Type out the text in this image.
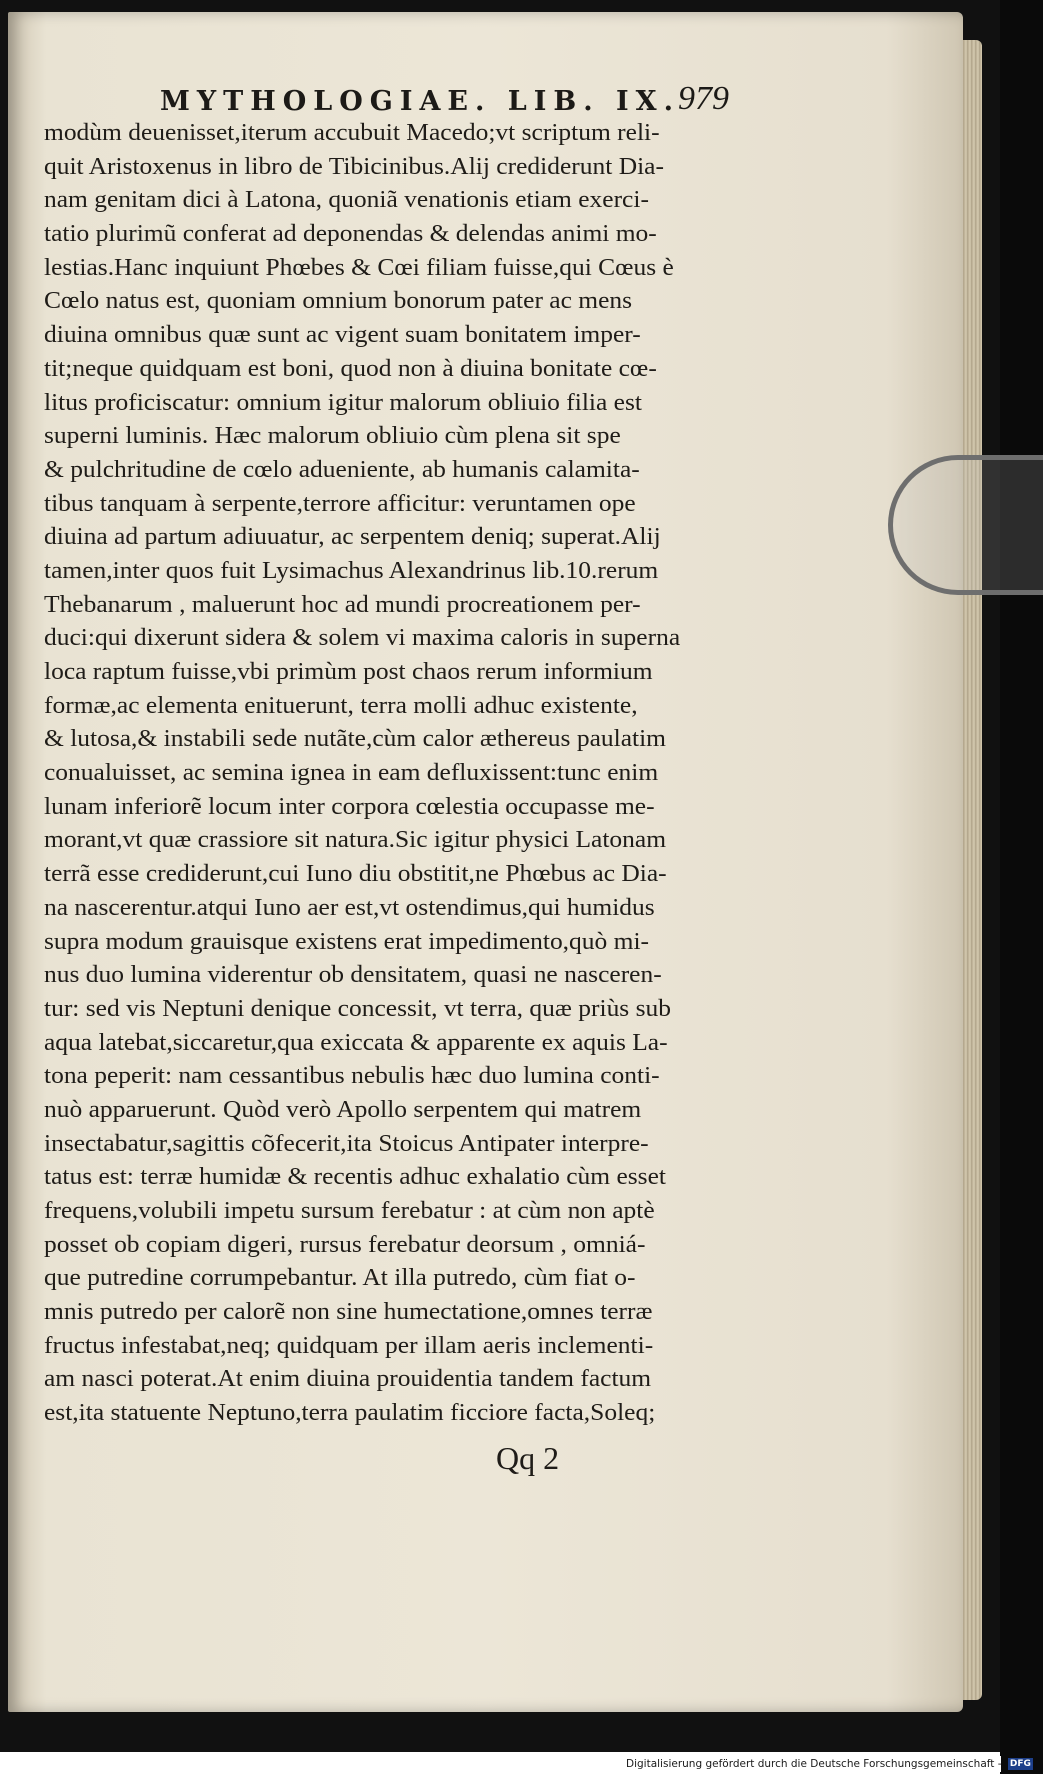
MYTHOLOGIAE. LIB. IX.
979
modùm deuenisset,iterum accubuit Macedo;vt scriptum reli-
quit Aristoxenus in libro de Tibicinibus.Alij crediderunt Dia-
nam genitam dici à Latona, quoniã venationis etiam exerci-
tatio plurimũ conferat ad deponendas & delendas animi mo-
lestias.Hanc inquiunt Phœbes & Cœi filiam fuisse,qui Cœus è
Cœlo natus est, quoniam omnium bonorum pater ac mens
diuina omnibus quæ sunt ac vigent suam bonitatem imper-
tit;neque quidquam est boni, quod non à diuina bonitate cœ-
litus proficiscatur: omnium igitur malorum obliuio filia est
superni luminis. Hæc malorum obliuio cùm plena sit spe
& pulchritudine de cœlo adueniente, ab humanis calamita-
tibus tanquam à serpente,terrore afficitur: veruntamen ope
diuina ad partum adiuuatur, ac serpentem deniq; superat.Alij
tamen,inter quos fuit Lysimachus Alexandrinus lib.10.rerum
Thebanarum , maluerunt hoc ad mundi procreationem per-
duci:qui dixerunt sidera & solem vi maxima caloris in superna
loca raptum fuisse,vbi primùm post chaos rerum informium
formæ,ac elementa enituerunt, terra molli adhuc existente,
& lutosa,& instabili sede nutãte,cùm calor æthereus paulatim
conualuisset, ac semina ignea in eam defluxissent:tunc enim
lunam inferiorẽ locum inter corpora cœlestia occupasse me-
morant,vt quæ crassiore sit natura.Sic igitur physici Latonam
terrã esse crediderunt,cui Iuno diu obstitit,ne Phœbus ac Dia-
na nascerentur.atqui Iuno aer est,vt ostendimus,qui humidus
supra modum grauisque existens erat impedimento,quò mi-
nus duo lumina viderentur ob densitatem, quasi ne nasceren-
tur: sed vis Neptuni denique concessit, vt terra, quæ priùs sub
aqua latebat,siccaretur,qua exiccata & apparente ex aquis La-
tona peperit: nam cessantibus nebulis hæc duo lumina conti-
nuò apparuerunt. Quòd verò Apollo serpentem qui matrem
insectabatur,sagittis cõfecerit,ita Stoicus Antipater interpre-
tatus est: terræ humidæ & recentis adhuc exhalatio cùm esset
frequens,volubili impetu sursum ferebatur : at cùm non aptè
posset ob copiam digeri, rursus ferebatur deorsum , omniá-
que putredine corrumpebantur. At illa putredo, cùm fiat o-
mnis putredo per calorẽ non sine humectatione,omnes terræ
fructus infestabat,neq; quidquam per illam aeris inclementi-
am nasci poterat.At enim diuina prouidentia tandem factum
est,ita statuente Neptuno,terra paulatim ficciore facta,Soleq;
Qq 2
Digitalisierung gefördert durch die Deutsche Forschungsgemeinschaft - DFG
